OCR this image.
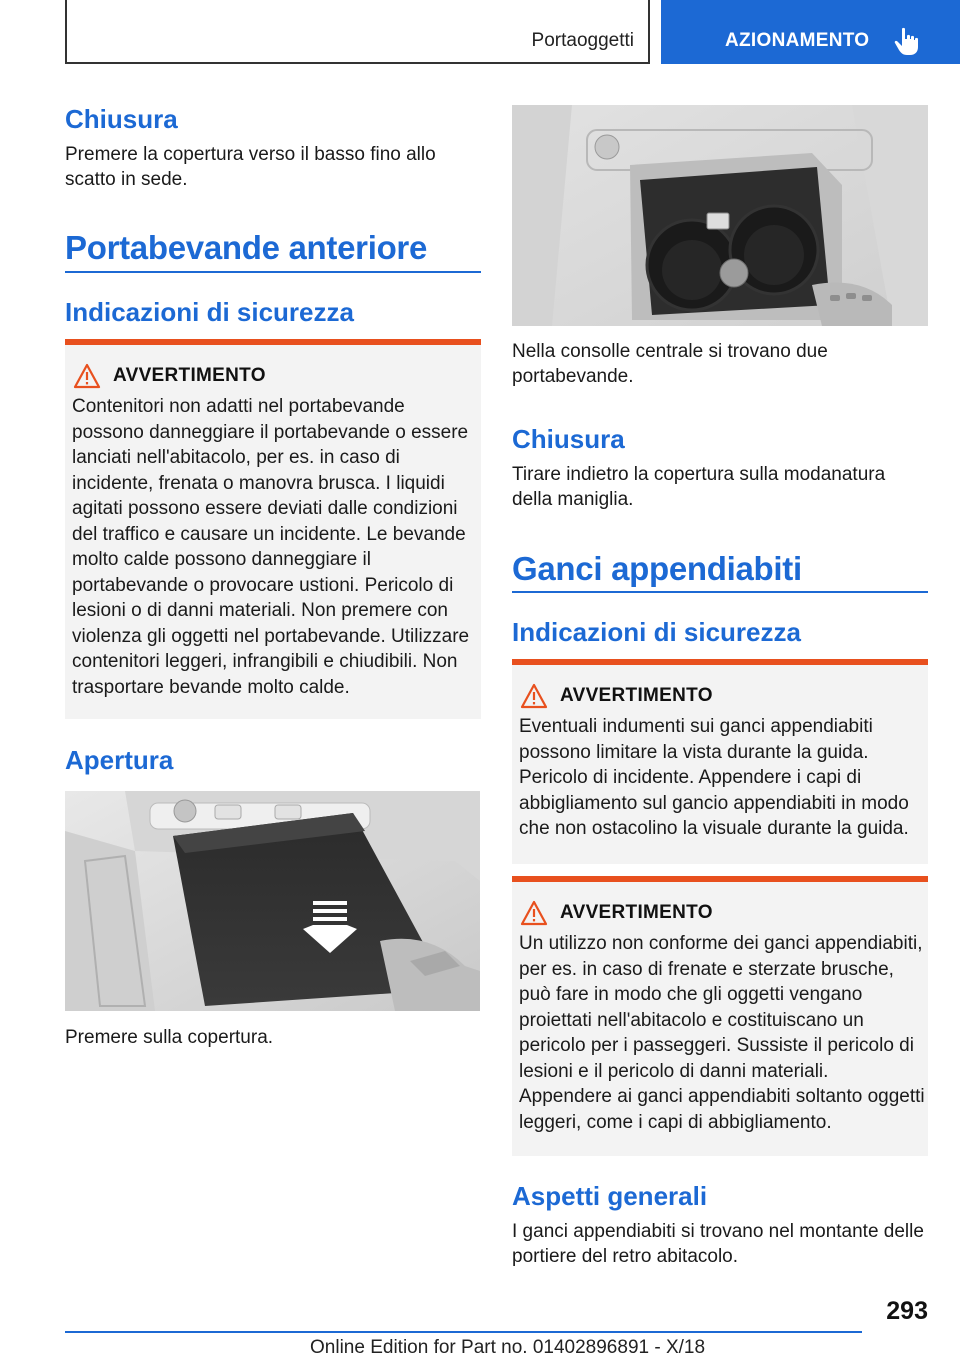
Portaoggetti	AZIONAMENTO
Chiusura
Premere la copertura verso il basso fino allo scatto in sede.
Portabevande anteriore
Indicazioni di sicurezza
AVVERTIMENTO
Contenitori non adatti nel portabevande possono danneggiare il portabevande o essere lanciati nell'abitacolo, per es. in caso di incidente, frenata o manovra brusca. I liquidi agitati possono essere deviati dalle condizioni del traffico e causare un incidente. Le bevande molto calde possono danneggiare il portabevande o provocare ustioni. Pericolo di lesioni o di danni materiali. Non premere con violenza gli oggetti nel portabevande. Utilizzare contenitori leggeri, infrangibili e chiudibili. Non trasportare bevande molto calde.
Apertura
Premere sulla copertura.
Nella consolle centrale si trovano due portabevande.
Chiusura
Tirare indietro la copertura sulla modanatura della maniglia.
Ganci appendiabiti
Indicazioni di sicurezza
AVVERTIMENTO
Eventuali indumenti sui ganci appendiabiti possono limitare la vista durante la guida. Pericolo di incidente. Appendere i capi di abbigliamento sul gancio appendiabiti in modo che non ostacolino la visuale durante la guida.
AVVERTIMENTO
Un utilizzo non conforme dei ganci appendiabiti, per es. in caso di frenate e sterzate brusche, può fare in modo che gli oggetti vengano proiettati nell'abitacolo e costituiscano un pericolo per i passeggeri. Sussiste il pericolo di lesioni e il pericolo di danni materiali. Appendere ai ganci appendiabiti soltanto oggetti leggeri, come i capi di abbigliamento.
Aspetti generali
I ganci appendiabiti si trovano nel montante delle portiere del retro abitacolo.
293
Online Edition for Part no. 01402896891 - X/18
